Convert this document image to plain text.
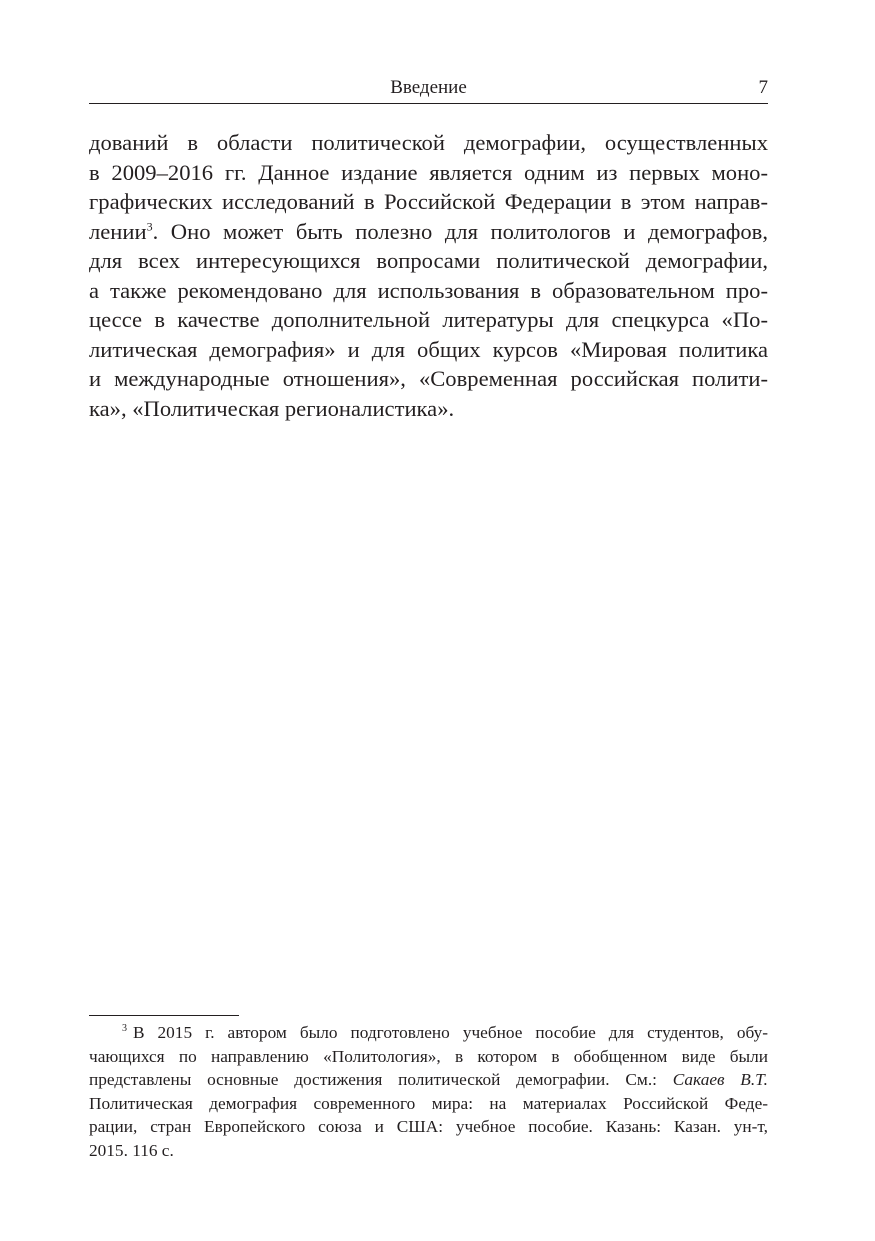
Введение	7
дований в области политической демографии, осуществленных
в 2009–2016 гг. Данное издание является одним из первых моно-
графических исследований в Российской Федерации в этом направ-
лении$^3$. Оно может быть полезно для политологов и демографов,
для всех интересующихся вопросами политической демографии,
а также рекомендовано для использования в образовательном про-
цессе в качестве дополнительной литературы для спецкурса «По-
литическая демография» и для общих курсов «Мировая политика
и международные отношения», «Современная российская полити-
ка», «Политическая регионалистика».
$^3$ В 2015 г. автором было подготовлено учебное пособие для студентов, обу-
чающихся по направлению «Политология», в котором в обобщенном виде были
представлены основные достижения политической демографии. См.: Сакаев В.Т.
Политическая демография современного мира: на материалах Российской Феде-
рации, стран Европейского союза и США: учебное пособие. Казань: Казан. ун-т,
2015. 116 с.
